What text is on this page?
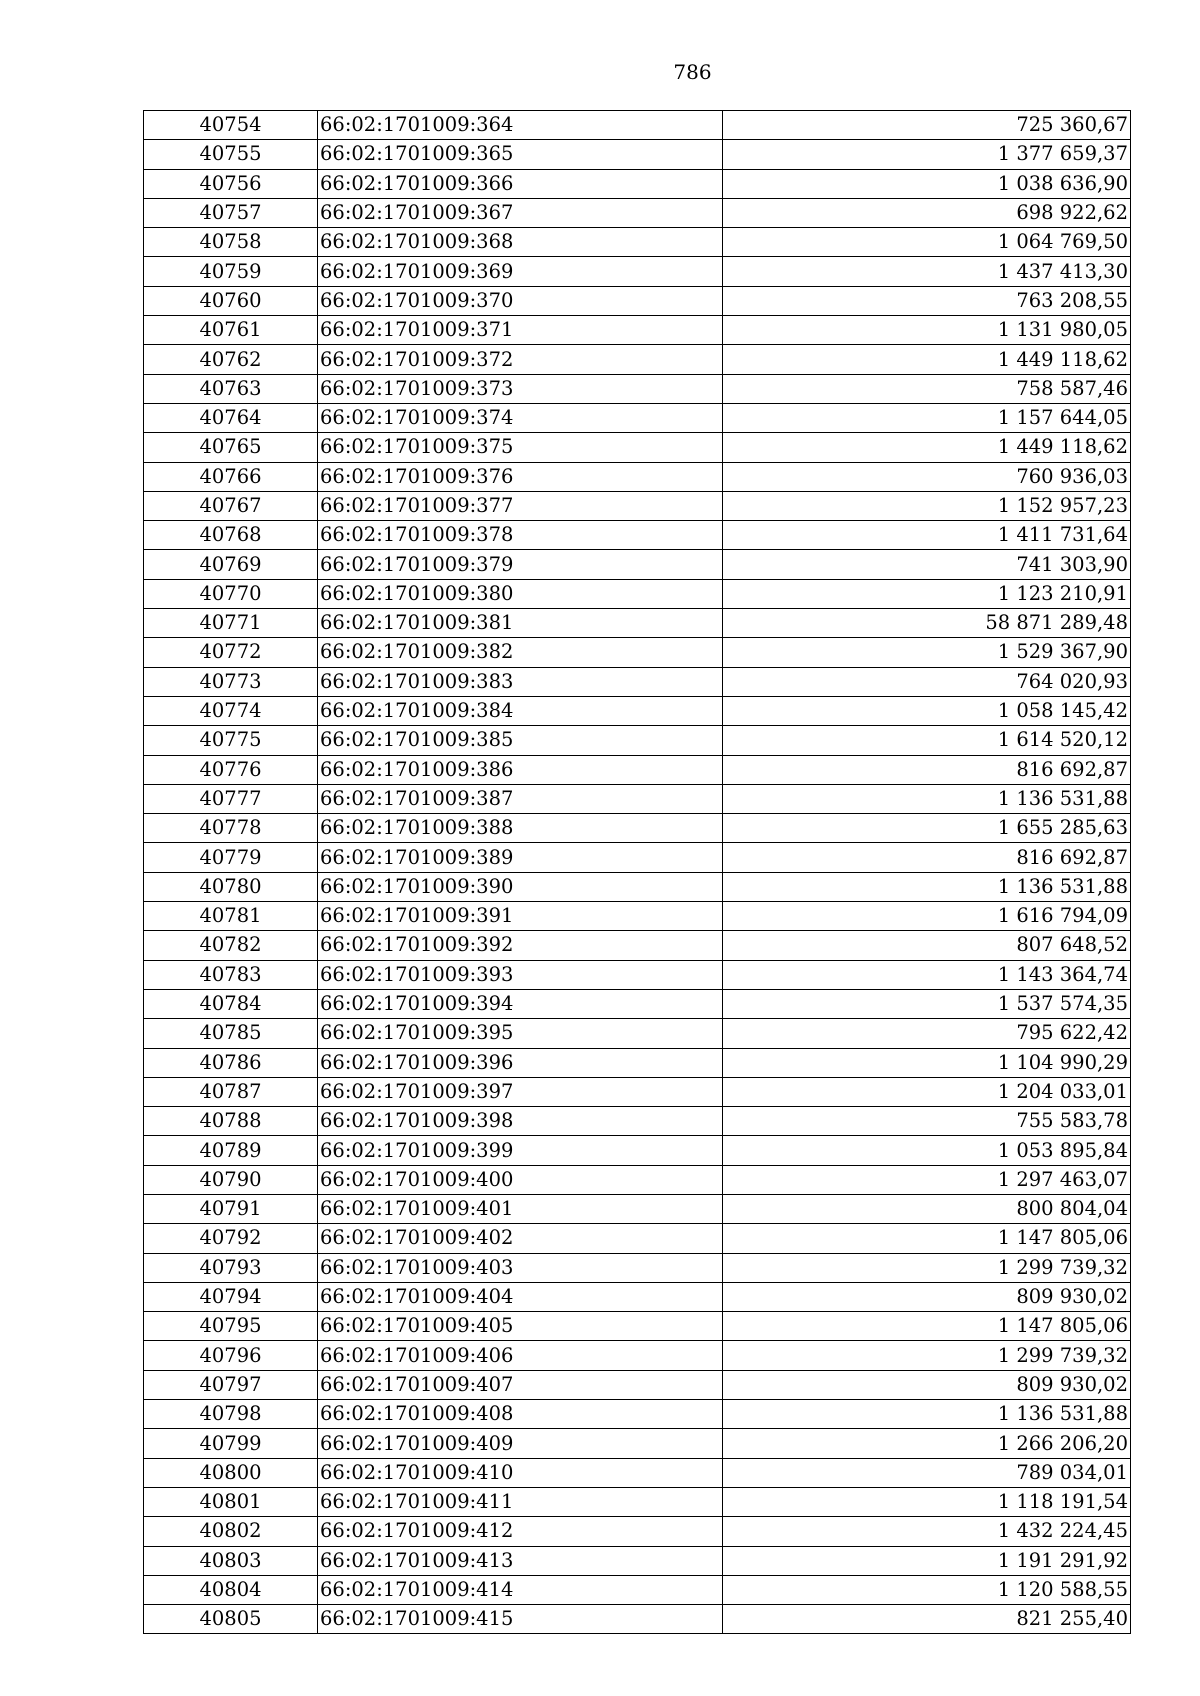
786
40754	66:02:1701009:364	725 360,67
40755	66:02:1701009:365	1 377 659,37
40756	66:02:1701009:366	1 038 636,90
40757	66:02:1701009:367	698 922,62
40758	66:02:1701009:368	1 064 769,50
40759	66:02:1701009:369	1 437 413,30
40760	66:02:1701009:370	763 208,55
40761	66:02:1701009:371	1 131 980,05
40762	66:02:1701009:372	1 449 118,62
40763	66:02:1701009:373	758 587,46
40764	66:02:1701009:374	1 157 644,05
40765	66:02:1701009:375	1 449 118,62
40766	66:02:1701009:376	760 936,03
40767	66:02:1701009:377	1 152 957,23
40768	66:02:1701009:378	1 411 731,64
40769	66:02:1701009:379	741 303,90
40770	66:02:1701009:380	1 123 210,91
40771	66:02:1701009:381	58 871 289,48
40772	66:02:1701009:382	1 529 367,90
40773	66:02:1701009:383	764 020,93
40774	66:02:1701009:384	1 058 145,42
40775	66:02:1701009:385	1 614 520,12
40776	66:02:1701009:386	816 692,87
40777	66:02:1701009:387	1 136 531,88
40778	66:02:1701009:388	1 655 285,63
40779	66:02:1701009:389	816 692,87
40780	66:02:1701009:390	1 136 531,88
40781	66:02:1701009:391	1 616 794,09
40782	66:02:1701009:392	807 648,52
40783	66:02:1701009:393	1 143 364,74
40784	66:02:1701009:394	1 537 574,35
40785	66:02:1701009:395	795 622,42
40786	66:02:1701009:396	1 104 990,29
40787	66:02:1701009:397	1 204 033,01
40788	66:02:1701009:398	755 583,78
40789	66:02:1701009:399	1 053 895,84
40790	66:02:1701009:400	1 297 463,07
40791	66:02:1701009:401	800 804,04
40792	66:02:1701009:402	1 147 805,06
40793	66:02:1701009:403	1 299 739,32
40794	66:02:1701009:404	809 930,02
40795	66:02:1701009:405	1 147 805,06
40796	66:02:1701009:406	1 299 739,32
40797	66:02:1701009:407	809 930,02
40798	66:02:1701009:408	1 136 531,88
40799	66:02:1701009:409	1 266 206,20
40800	66:02:1701009:410	789 034,01
40801	66:02:1701009:411	1 118 191,54
40802	66:02:1701009:412	1 432 224,45
40803	66:02:1701009:413	1 191 291,92
40804	66:02:1701009:414	1 120 588,55
40805	66:02:1701009:415	821 255,40
